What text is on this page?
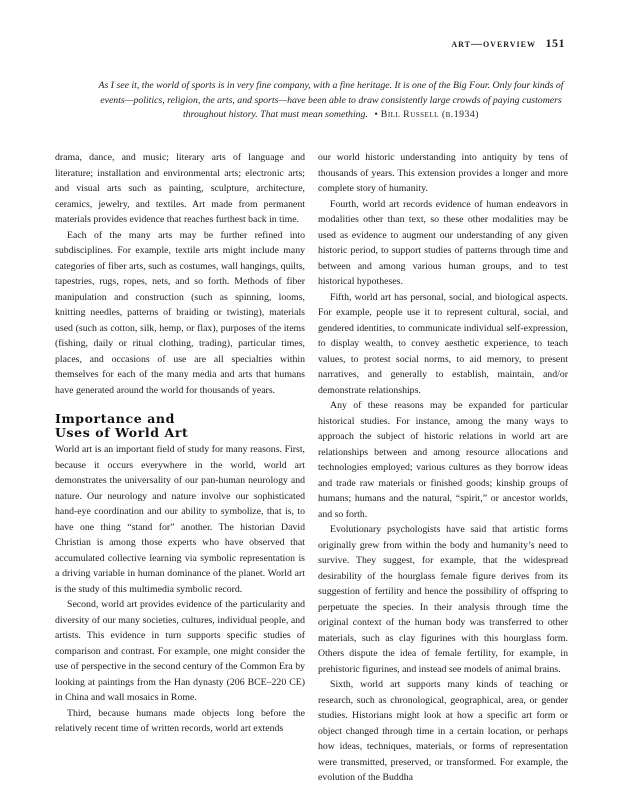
art—overview 151
As I see it, the world of sports is in very fine company, with a fine heritage. It is one of the Big Four. Only four kinds of events—politics, religion, the arts, and sports—have been able to draw consistently large crowds of paying customers throughout history. That must mean something. • Bill Russell (b.1934)

drama, dance, and music; literary arts of language and literature; installation and environmental arts; electronic arts; and visual arts such as painting, sculpture, architecture, ceramics, jewelry, and textiles. Art made from permanent materials provides evidence that reaches furthest back in time.

Each of the many arts may be further refined into subdisciplines. For example, textile arts might include many categories of fiber arts, such as costumes, wall hangings, quilts, tapestries, rugs, ropes, nets, and so forth. Methods of fiber manipulation and construction (such as spinning, looms, knitting needles, patterns of braiding or twisting), materials used (such as cotton, silk, hemp, or flax), purposes of the items (fishing, daily or ritual clothing, trading), particular times, places, and occasions of use are all specialties within themselves for each of the many media and arts that humans have generated around the world for thousands of years.

Importance and
Uses of World Art

World art is an important field of study for many reasons. First, because it occurs everywhere in the world, world art demonstrates the universality of our pan-human neurology and nature. Our neurology and nature involve our sophisticated hand-eye coordination and our ability to symbolize, that is, to have one thing “stand for” another. The historian David Christian is among those experts who have observed that accumulated collective learning via symbolic representation is a driving variable in human dominance of the planet. World art is the study of this multimedia symbolic record.

Second, world art provides evidence of the particularity and diversity of our many societies, cultures, individual people, and artists. This evidence in turn supports specific studies of comparison and contrast. For example, one might consider the use of perspective in the second century of the Common Era by looking at paintings from the Han dynasty (206 BCE–220 CE) in China and wall mosaics in Rome.

Third, because humans made objects long before the relatively recent time of written records, world art extends

our world historic understanding into antiquity by tens of thousands of years. This extension provides a longer and more complete story of humanity.

Fourth, world art records evidence of human endeavors in modalities other than text, so these other modalities may be used as evidence to augment our understanding of any given historic period, to support studies of patterns through time and between and among various human groups, and to test historical hypotheses.

Fifth, world art has personal, social, and biological aspects. For example, people use it to represent cultural, social, and gendered identities, to communicate individual self-expression, to display wealth, to convey aesthetic experience, to teach values, to protest social norms, to aid memory, to present narratives, and generally to establish, maintain, and/or demonstrate relationships.

Any of these reasons may be expanded for particular historical studies. For instance, among the many ways to approach the subject of historic relations in world art are relationships between and among resource allocations and technologies employed; various cultures as they borrow ideas and trade raw materials or finished goods; kinship groups of humans; humans and the natural, “spirit,” or ancestor worlds, and so forth.

Evolutionary psychologists have said that artistic forms originally grew from within the body and humanity’s need to survive. They suggest, for example, that the widespread desirability of the hourglass female figure derives from its suggestion of fertility and hence the possibility of offspring to perpetuate the species. In their analysis through time the original context of the human body was transferred to other materials, such as clay figurines with this hourglass form. Others dispute the idea of female fertility, for example, in prehistoric figurines, and instead see models of animal brains.

Sixth, world art supports many kinds of teaching or research, such as chronological, geographical, area, or gender studies. Historians might look at how a specific art form or object changed through time in a certain location, or perhaps how ideas, techniques, materials, or forms of representation were transmitted, preserved, or transformed. For example, the evolution of the Buddha
